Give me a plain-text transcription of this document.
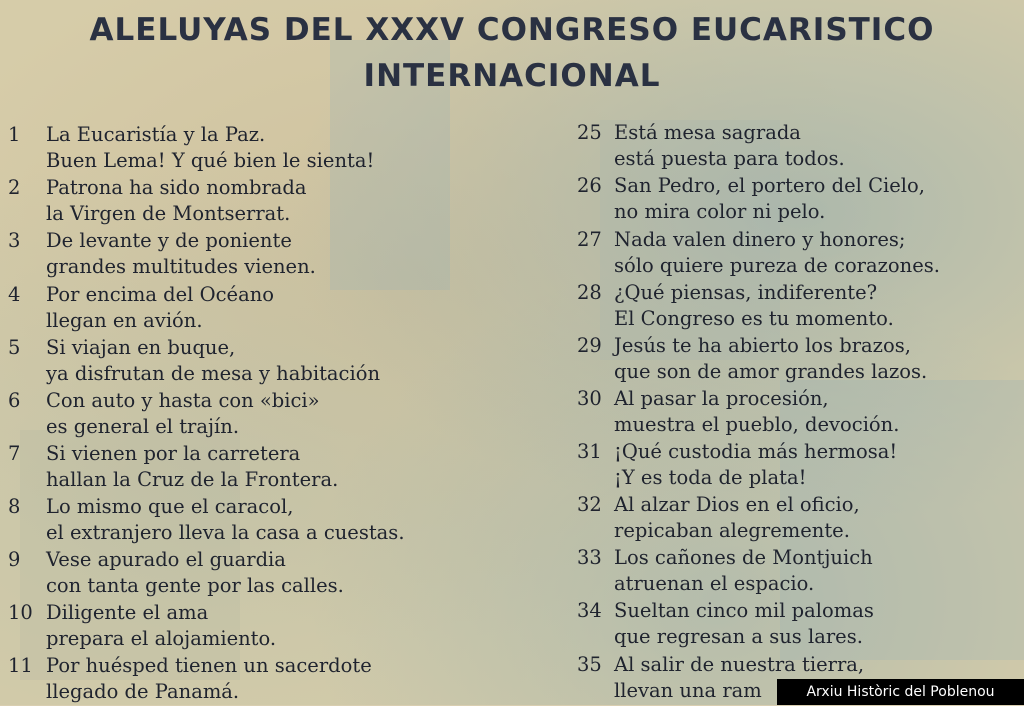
ALELUYAS DEL XXXV CONGRESO EUCARISTICO
INTERNACIONAL
1	La Eucaristía y la Paz.
Buen Lema! Y qué bien le sienta!
2	Patrona ha sido nombrada
la Virgen de Montserrat.
3	De levante y de poniente
grandes multitudes vienen.
4	Por encima del Océano
llegan en avión.
5	Si viajan en buque,
ya disfrutan de mesa y habitación
6	Con auto y hasta con «bici»
es general el trajín.
7	Si vienen por la carretera
hallan la Cruz de la Frontera.
8	Lo mismo que el caracol,
el extranjero lleva la casa a cuestas.
9	Vese apurado el guardia
con tanta gente por las calles.
10 Diligente el ama
prepara el alojamiento.
11 Por huésped tienen un sacerdote
llegado de Panamá.
25 Está mesa sagrada
está puesta para todos.
26 San Pedro, el portero del Cielo,
no mira color ni pelo.
27 Nada valen dinero y honores;
sólo quiere pureza de corazones.
28 ¿Qué piensas, indiferente?
El Congreso es tu momento.
29 Jesús te ha abierto los brazos,
que son de amor grandes lazos.
30 Al pasar la procesión,
muestra el pueblo, devoción.
31 ¡Qué custodia más hermosa!
¡Y es toda de plata!
32 Al alzar Dios en el oficio,
repicaban alegremente.
33 Los cañones de Montjuich
atruenan el espacio.
34 Sueltan cinco mil palomas
que regresan a sus lares.
35 Al salir de nuestra tierra,
llevan una ram	Arxiu Històric del Poblenou
